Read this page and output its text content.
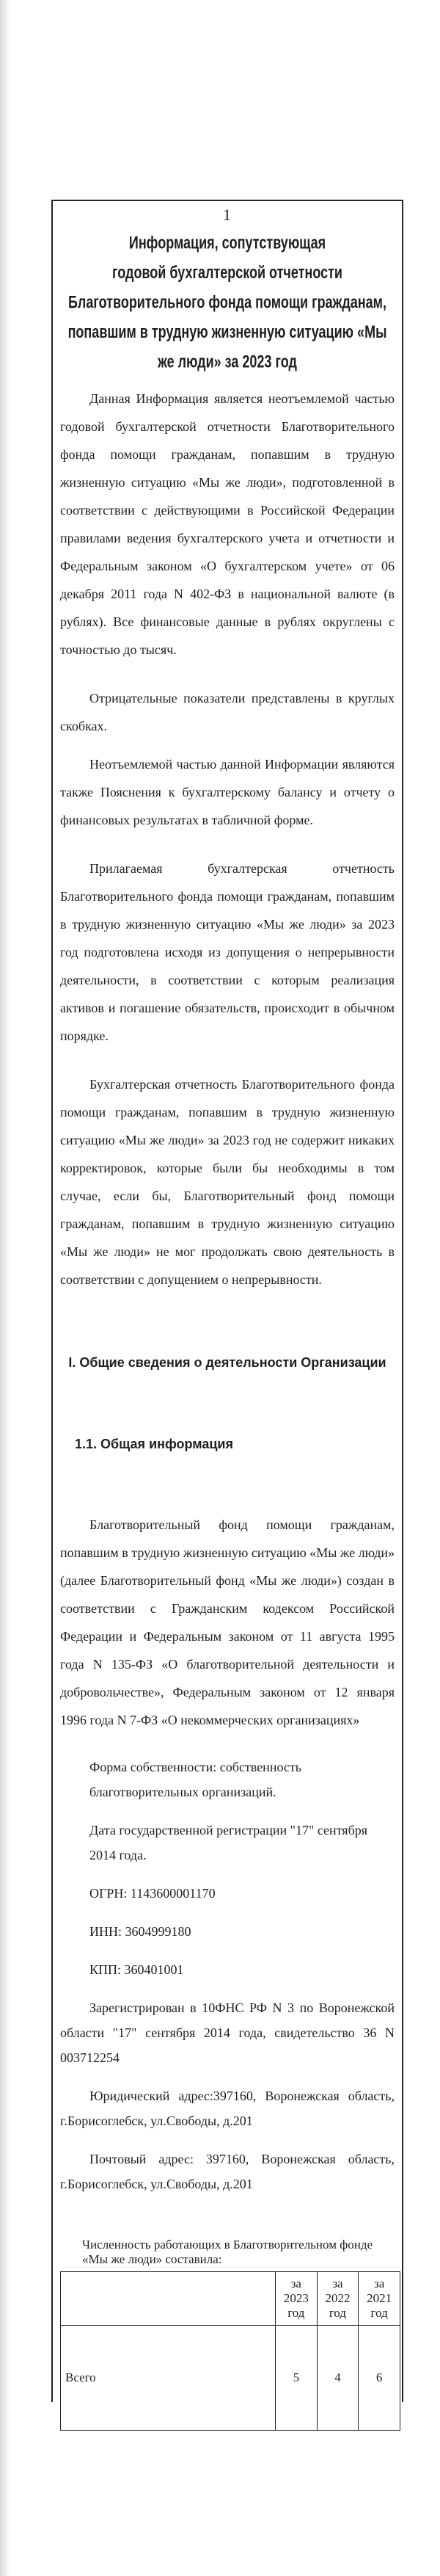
1
Информация, сопутствующая
годовой бухгалтерской отчетности Благотворительного фонда помощи гражданам,
попавшим в трудную жизненную ситуацию «Мы же люди» за 2023 год

Данная Информация является неотъемлемой частью годовой бухгалтерской отчетности Благотворительного фонда помощи гражданам, попавшим в трудную жизненную ситуацию «Мы же люди», подготовленной в соответствии с действующими в Российской Федерации правилами ведения бухгалтерского учета и отчетности и Федеральным законом «О бухгалтерском учете» от 06 декабря 2011 года N 402-ФЗ в национальной валюте (в рублях). Все финансовые данные в рублях округлены с точностью до тысяч.

Отрицательные показатели представлены в круглых скобках.

Неотъемлемой частью данной Информации являются также Пояснения к бухгалтерскому балансу и отчету о финансовых результатах в табличной форме.

Прилагаемая бухгалтерская отчетность Благотворительного фонда помощи гражданам, попавшим в трудную жизненную ситуацию «Мы же люди» за 2023 год подготовлена исходя из допущения о непрерывности деятельности, в соответствии с которым реализация активов и погашение обязательств, происходит в обычном порядке.

Бухгалтерская отчетность Благотворительного фонда помощи гражданам, попавшим в трудную жизненную ситуацию «Мы же люди» за 2023 год не содержит никаких корректировок, которые были бы необходимы в том случае, если бы, Благотворительный фонд помощи гражданам, попавшим в трудную жизненную ситуацию «Мы же люди» не мог продолжать свою деятельность в соответствии с допущением о непрерывности.

I. Общие сведения о деятельности Организации
1.1. Общая информация

Благотворительный фонд помощи гражданам, попавшим в трудную жизненную ситуацию «Мы же люди» (далее Благотворительный фонд «Мы же люди») создан в соответствии с Гражданским кодексом Российской Федерации и Федеральным законом от 11 августа 1995 года N 135-ФЗ «О благотворительной деятельности и добровольчестве», Федеральным законом от 12 января 1996 года N 7-ФЗ «О некоммерческих организациях»

Форма собственности: собственность благотворительных организаций.
Дата государственной регистрации "17" сентября 2014 года.
ОГРН: 1143600001170
ИНН: 3604999180
КПП: 360401001
Зарегистрирован в 10ФНС РФ N 3 по Воронежской области "17" сентября 2014 года, свидетельство 36 N 003712254
Юридический адрес:397160, Воронежская область, г.Борисоглебск, ул.Свободы, д.201
Почтовый адрес: 397160, Воронежская область, г.Борисоглебск, ул.Свободы, д.201
Численность работающих в Благотворительном фонде «Мы же люди» составила:
	за 2023 год	за 2022 год	за 2021 год
Всего	5	4	6
